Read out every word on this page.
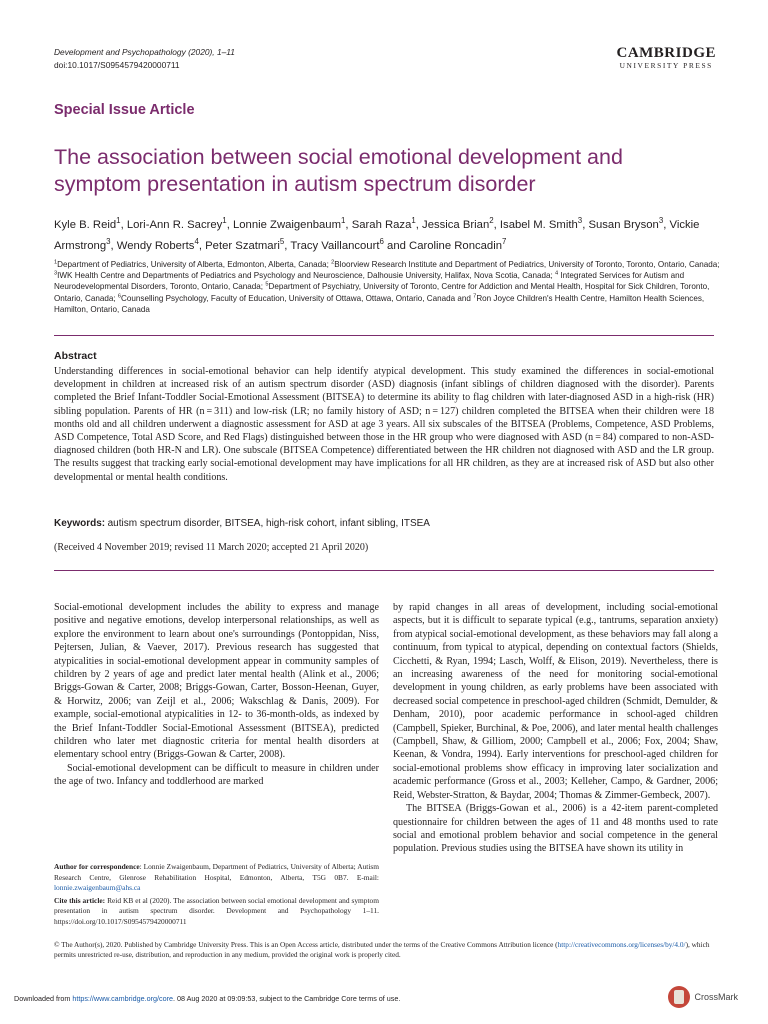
Development and Psychopathology (2020), 1–11
doi:10.1017/S0954579420000711
CAMBRIDGE
UNIVERSITY PRESS
Special Issue Article
The association between social emotional development and symptom presentation in autism spectrum disorder
Kyle B. Reid$^1$, Lori-Ann R. Sacrey$^1$, Lonnie Zwaigenbaum$^1$, Sarah Raza$^1$, Jessica Brian$^2$, Isabel M. Smith$^3$, Susan Bryson$^3$, Vickie Armstrong$^3$, Wendy Roberts$^4$, Peter Szatmari$^5$, Tracy Vaillancourt$^6$ and Caroline Roncadin$^7$
$^1$Department of Pediatrics, University of Alberta, Edmonton, Alberta, Canada; $^2$Bloorview Research Institute and Department of Pediatrics, University of Toronto, Toronto, Ontario, Canada; $^3$IWK Health Centre and Departments of Pediatrics and Psychology and Neuroscience, Dalhousie University, Halifax, Nova Scotia, Canada; $^4$ Integrated Services for Autism and Neurodevelopmental Disorders, Toronto, Ontario, Canada; $^5$Department of Psychiatry, University of Toronto, Centre for Addiction and Mental Health, Hospital for Sick Children, Toronto, Ontario, Canada; $^6$Counselling Psychology, Faculty of Education, University of Ottawa, Ottawa, Ontario, Canada and $^7$Ron Joyce Children's Health Centre, Hamilton Health Sciences, Hamilton, Ontario, Canada
Abstract
Understanding differences in social-emotional behavior can help identify atypical development. This study examined the differences in social-emotional development in children at increased risk of an autism spectrum disorder (ASD) diagnosis (infant siblings of children diagnosed with the disorder). Parents completed the Brief Infant-Toddler Social-Emotional Assessment (BITSEA) to determine its ability to flag children with later-diagnosed ASD in a high-risk (HR) sibling population. Parents of HR (n = 311) and low-risk (LR; no family history of ASD; n = 127) children completed the BITSEA when their children were 18 months old and all children underwent a diagnostic assessment for ASD at age 3 years. All six subscales of the BITSEA (Problems, Competence, ASD Problems, ASD Competence, Total ASD Score, and Red Flags) distinguished between those in the HR group who were diagnosed with ASD (n = 84) compared to non-ASD-diagnosed children (both HR-N and LR). One subscale (BITSEA Competence) differentiated between the HR children not diagnosed with ASD and the LR group. The results suggest that tracking early social-emotional development may have implications for all HR children, as they are at increased risk of ASD but also other developmental or mental health conditions.
Keywords: autism spectrum disorder, BITSEA, high-risk cohort, infant sibling, ITSEA
(Received 4 November 2019; revised 11 March 2020; accepted 21 April 2020)

Social-emotional development includes the ability to express and manage positive and negative emotions, develop interpersonal relationships, as well as explore the environment to learn about one's surroundings (Pontoppidan, Niss, Pejtersen, Julian, & Vaever, 2017). Previous research has suggested that atypicalities in social-emotional development appear in community samples of children by 2 years of age and predict later mental health (Alink et al., 2006; Briggs-Gowan & Carter, 2008; Briggs-Gowan, Carter, Bosson-Heenan, Guyer, & Horwitz, 2006; van Zeijl et al., 2006; Wakschlag & Danis, 2009). For example, social-emotional atypicalities in 12- to 36-month-olds, as indexed by the Brief Infant-Toddler Social-Emotional Assessment (BITSEA), predicted children who later met diagnostic criteria for mental health disorders at elementary school entry (Briggs-Gowan & Carter, 2008).

Social-emotional development can be difficult to measure in children under the age of two. Infancy and toddlerhood are marked

by rapid changes in all areas of development, including social-emotional aspects, but it is difficult to separate typical (e.g., tantrums, separation anxiety) from atypical social-emotional development, as these behaviors may fall along a continuum, from typical to atypical, depending on contextual factors (Shields, Cicchetti, & Ryan, 1994; Lasch, Wolff, & Elison, 2019). Nevertheless, there is an increasing awareness of the need for monitoring social-emotional development in young children, as early problems have been associated with decreased social competence in preschool-aged children (Schmidt, Demulder, & Denham, 2010), poor academic performance in school-aged children (Campbell, Spieker, Burchinal, & Poe, 2006), and later mental health challenges (Campbell, Shaw, & Gilliom, 2000; Campbell et al., 2006; Fox, 2004; Shaw, Keenan, & Vondra, 1994). Early interventions for preschool-aged children for social-emotional problems show efficacy in improving later socialization and academic performance (Gross et al., 2003; Kelleher, Campo, & Gardner, 2006; Reid, Webster-Stratton, & Baydar, 2004; Thomas & Zimmer-Gembeck, 2007).

The BITSEA (Briggs-Gowan et al., 2006) is a 42-item parent-completed questionnaire for children between the ages of 11 and 48 months used to rate social and emotional problem behavior and social competence in the general population. Previous studies using the BITSEA have shown its utility in

Author for correspondence: Lonnie Zwaigenbaum, Department of Pediatrics, University of Alberta; Autism Research Centre, Glenrose Rehabilitation Hospital, Edmonton, Alberta, T5G 0B7. E-mail: lonnie.zwaigenbaum@ahs.ca
Cite this article: Reid KB et al (2020). The association between social emotional development and symptom presentation in autism spectrum disorder. Development and Psychopathology 1–11. https://doi.org/10.1017/S0954579420000711
© The Author(s), 2020. Published by Cambridge University Press. This is an Open Access article, distributed under the terms of the Creative Commons Attribution licence (http://creativecommons.org/licenses/by/4.0/), which permits unrestricted re-use, distribution, and reproduction in any medium, provided the original work is properly cited.
Downloaded from https://www.cambridge.org/core. 08 Aug 2020 at 09:09:53, subject to the Cambridge Core terms of use.	CrossMark
